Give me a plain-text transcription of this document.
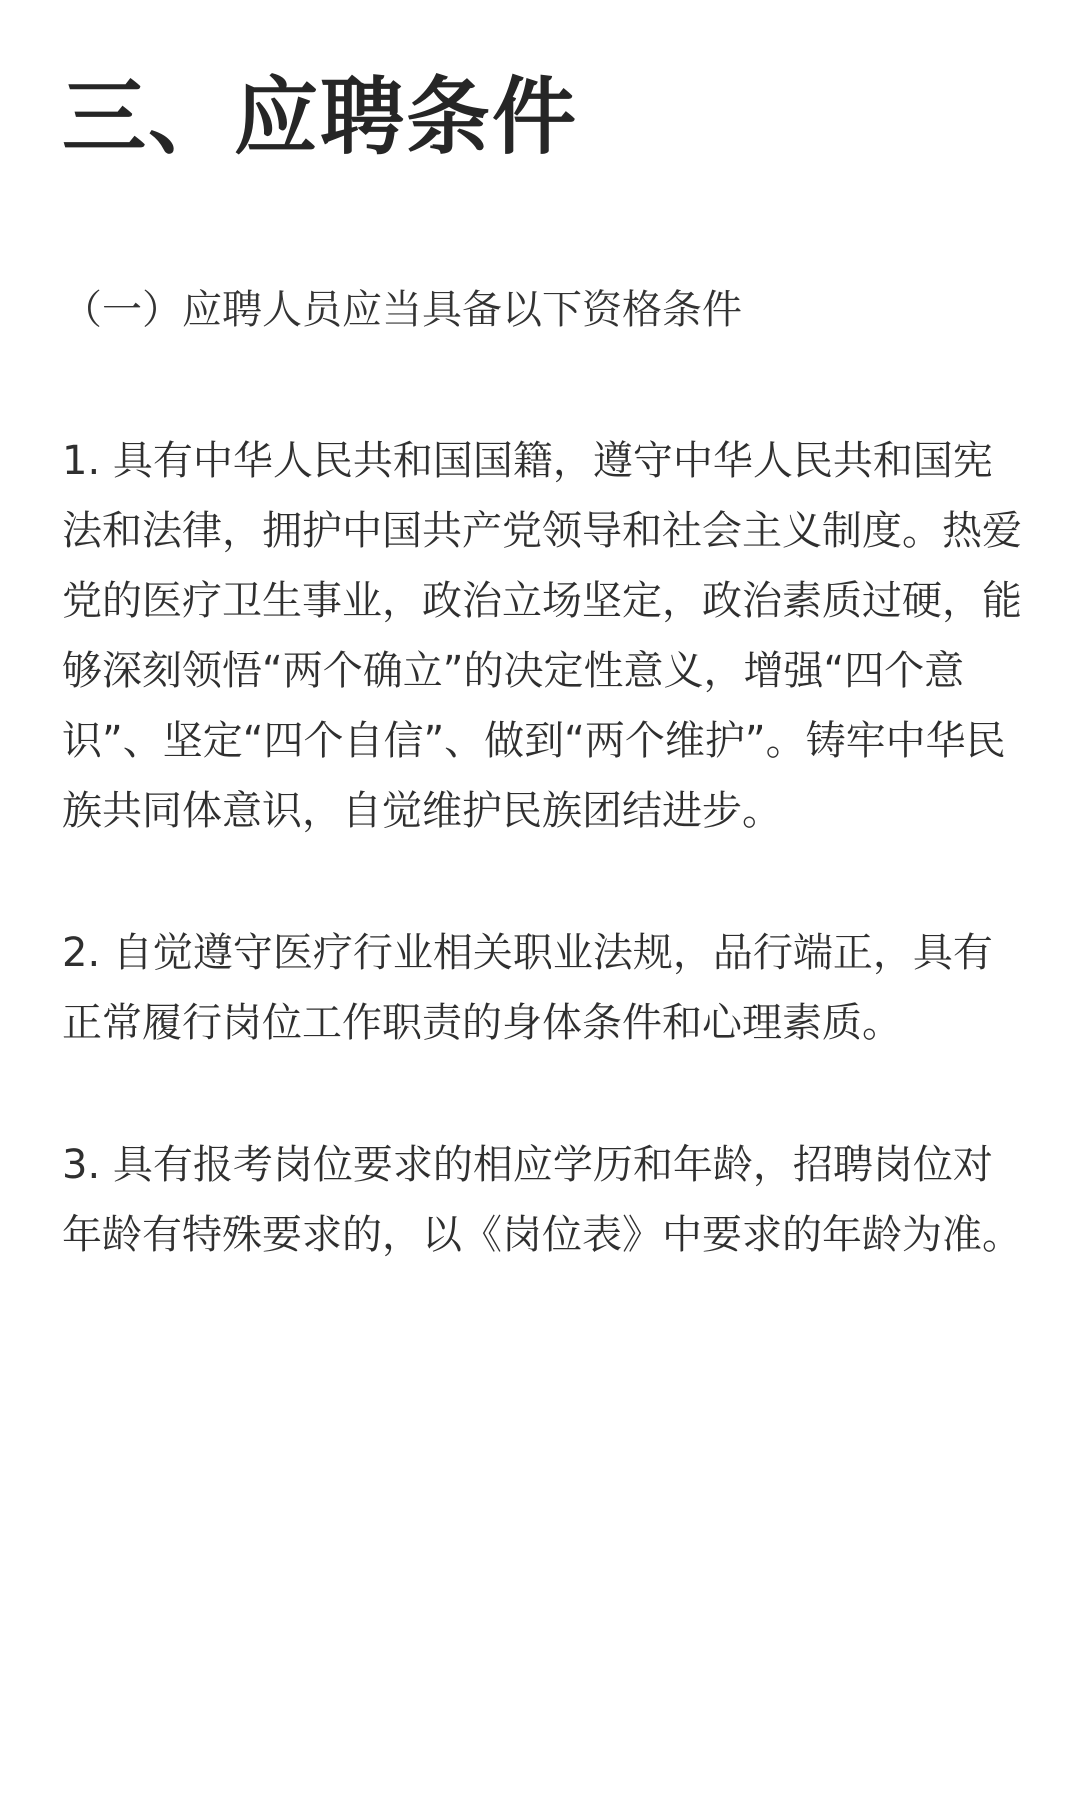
三、应聘条件

（一）应聘人员应当具备以下资格条件

1. 具有中华人民共和国国籍，遵守中华人民共和国宪法和法律，拥护中国共产党领导和社会主义制度。热爱党的医疗卫生事业，政治立场坚定，政治素质过硬，能够深刻领悟“两个确立”的决定性意义，增强“四个意识”、坚定“四个自信”、做到“两个维护”。铸牢中华民族共同体意识，自觉维护民族团结进步。

2. 自觉遵守医疗行业相关职业法规，品行端正，具有正常履行岗位工作职责的身体条件和心理素质。

3. 具有报考岗位要求的相应学历和年龄，招聘岗位对年龄有特殊要求的，以《岗位表》中要求的年龄为准。
